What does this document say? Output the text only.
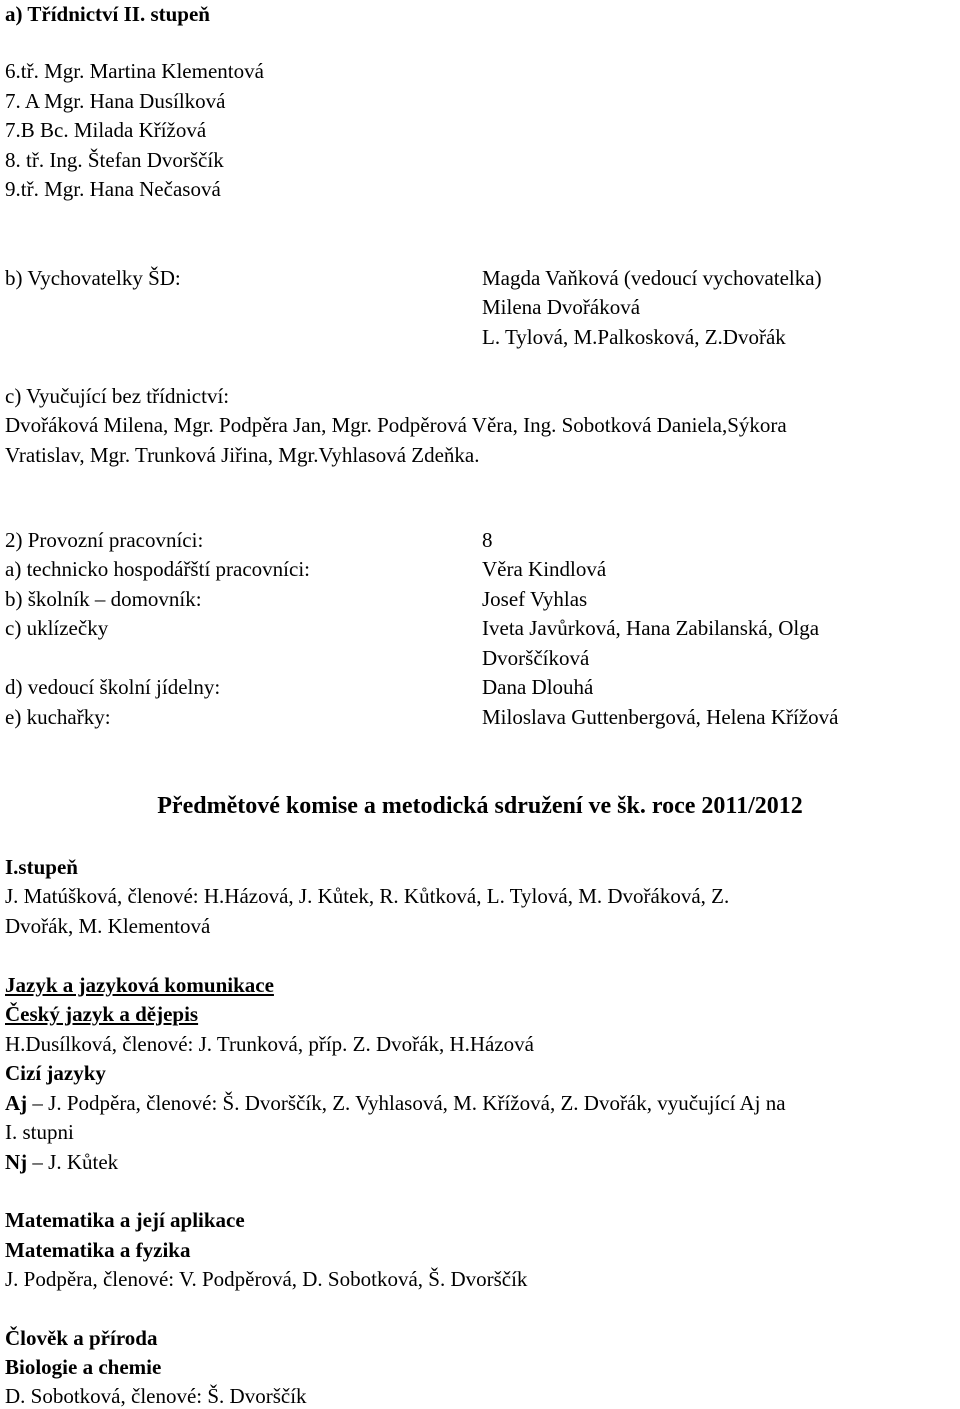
a) Třídnictví II. stupeň
6.tř. Mgr. Martina Klementová
7. A Mgr. Hana Dusílková
7.B Bc. Milada Křížová
8. tř. Ing. Štefan Dvorščík
9.tř. Mgr. Hana Nečasová
b) Vychovatelky ŠD:	Magda Vaňková (vedoucí vychovatelka)
Milena Dvořáková
L. Tylová, M.Palkosková, Z.Dvořák
c) Vyučující bez třídnictví:
Dvořáková Milena, Mgr. Podpěra Jan, Mgr. Podpěrová Věra, Ing. Sobotková Daniela,Sýkora
Vratislav, Mgr. Trunková Jiřina, Mgr.Vyhlasová Zdeňka.
2) Provozní pracovníci:	8
a) technicko hospodářští pracovníci:	Věra Kindlová
b) školník – domovník:	Josef Vyhlas
c) uklízečky	Iveta Javůrková, Hana Zabilanská, Olga
Dvorščíková
d) vedoucí školní jídelny:	Dana Dlouhá
e) kuchařky:	Miloslava Guttenbergová, Helena Křížová
Předmětové komise a metodická sdružení ve šk. roce 2011/2012
I.stupeň
J. Matúšková, členové: H.Házová, J. Kůtek, R. Kůtková, L. Tylová, M. Dvořáková, Z.
Dvořák, M. Klementová
Jazyk a jazyková komunikace
Český jazyk a dějepis
H.Dusílková, členové: J. Trunková, příp. Z. Dvořák, H.Házová
Cizí jazyky
Aj – J. Podpěra, členové: Š. Dvorščík, Z. Vyhlasová, M. Křížová, Z. Dvořák, vyučující Aj na
I. stupni
Nj – J. Kůtek
Matematika a její aplikace
Matematika a fyzika
J. Podpěra, členové: V. Podpěrová, D. Sobotková, Š. Dvorščík
Člověk a příroda
Biologie a chemie
D. Sobotková, členové: Š. Dvorščík
